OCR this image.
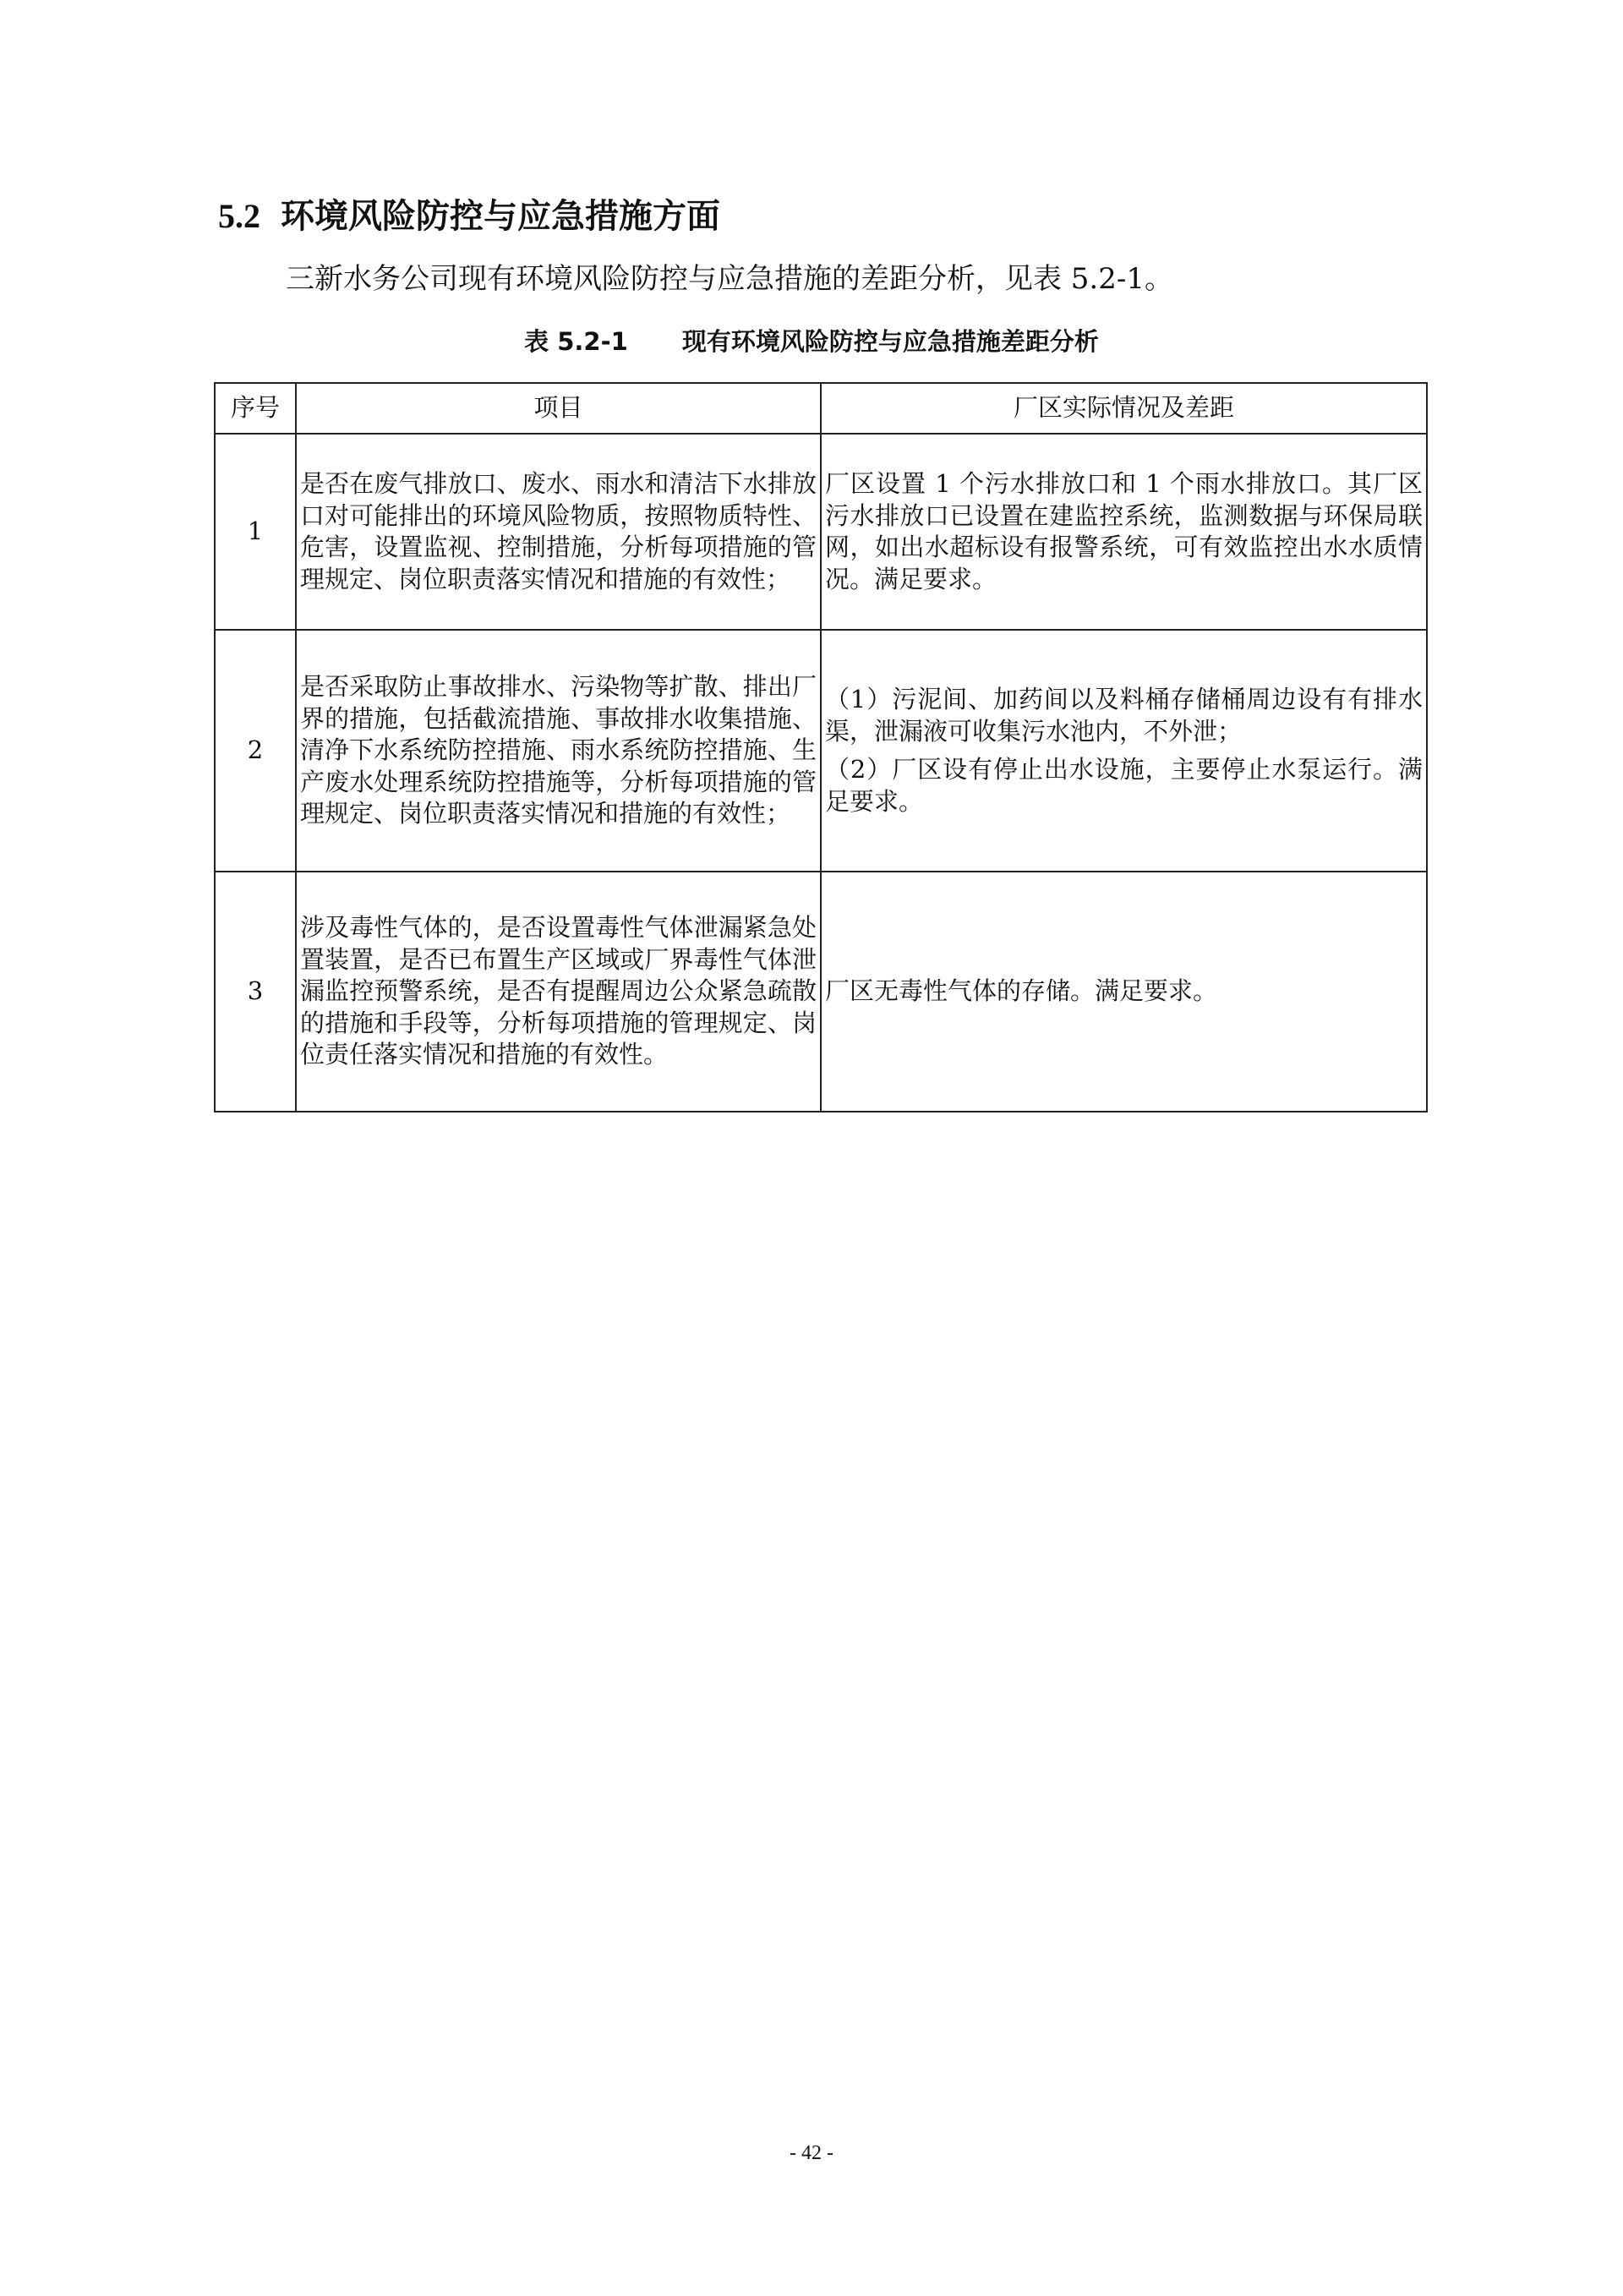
5.2 环境风险防控与应急措施方面
三新水务公司现有环境风险防控与应急措施的差距分析，见表 5.2-1。
表 5.2-1 现有环境风险防控与应急措施差距分析
序号	项目	厂区实际情况及差距
1	是否在废气排放口、废水、雨水和清洁下水排放口对可能排出的环境风险物质，按照物质特性、危害，设置监视、控制措施，分析每项措施的管理规定、岗位职责落实情况和措施的有效性；	厂区设置 1 个污水排放口和 1 个雨水排放口。其厂区污水排放口已设置在建监控系统，监测数据与环保局联网，如出水超标设有报警系统，可有效监控出水水质情况。满足要求。

2	是否采取防止事故排水、污染物等扩散、排出厂界的措施，包括截流措施、事故排水收集措施、清净下水系统防控措施、雨水系统防控措施、生产废水处理系统防控措施等，分析每项措施的管理规定、岗位职责落实情况和措施的有效性；	（1）污泥间、加药间以及料桶存储桶周边设有有排水渠，泄漏液可收集污水池内，不外泄；

（2）厂区设有停止出水设施，主要停止水泵运行。满足要求。

3	涉及毒性气体的，是否设置毒性气体泄漏紧急处置装置，是否已布置生产区域或厂界毒性气体泄漏监控预警系统，是否有提醒周边公众紧急疏散的措施和手段等，分析每项措施的管理规定、岗位责任落实情况和措施的有效性。	厂区无毒性气体的存储。满足要求。

- 42 -
